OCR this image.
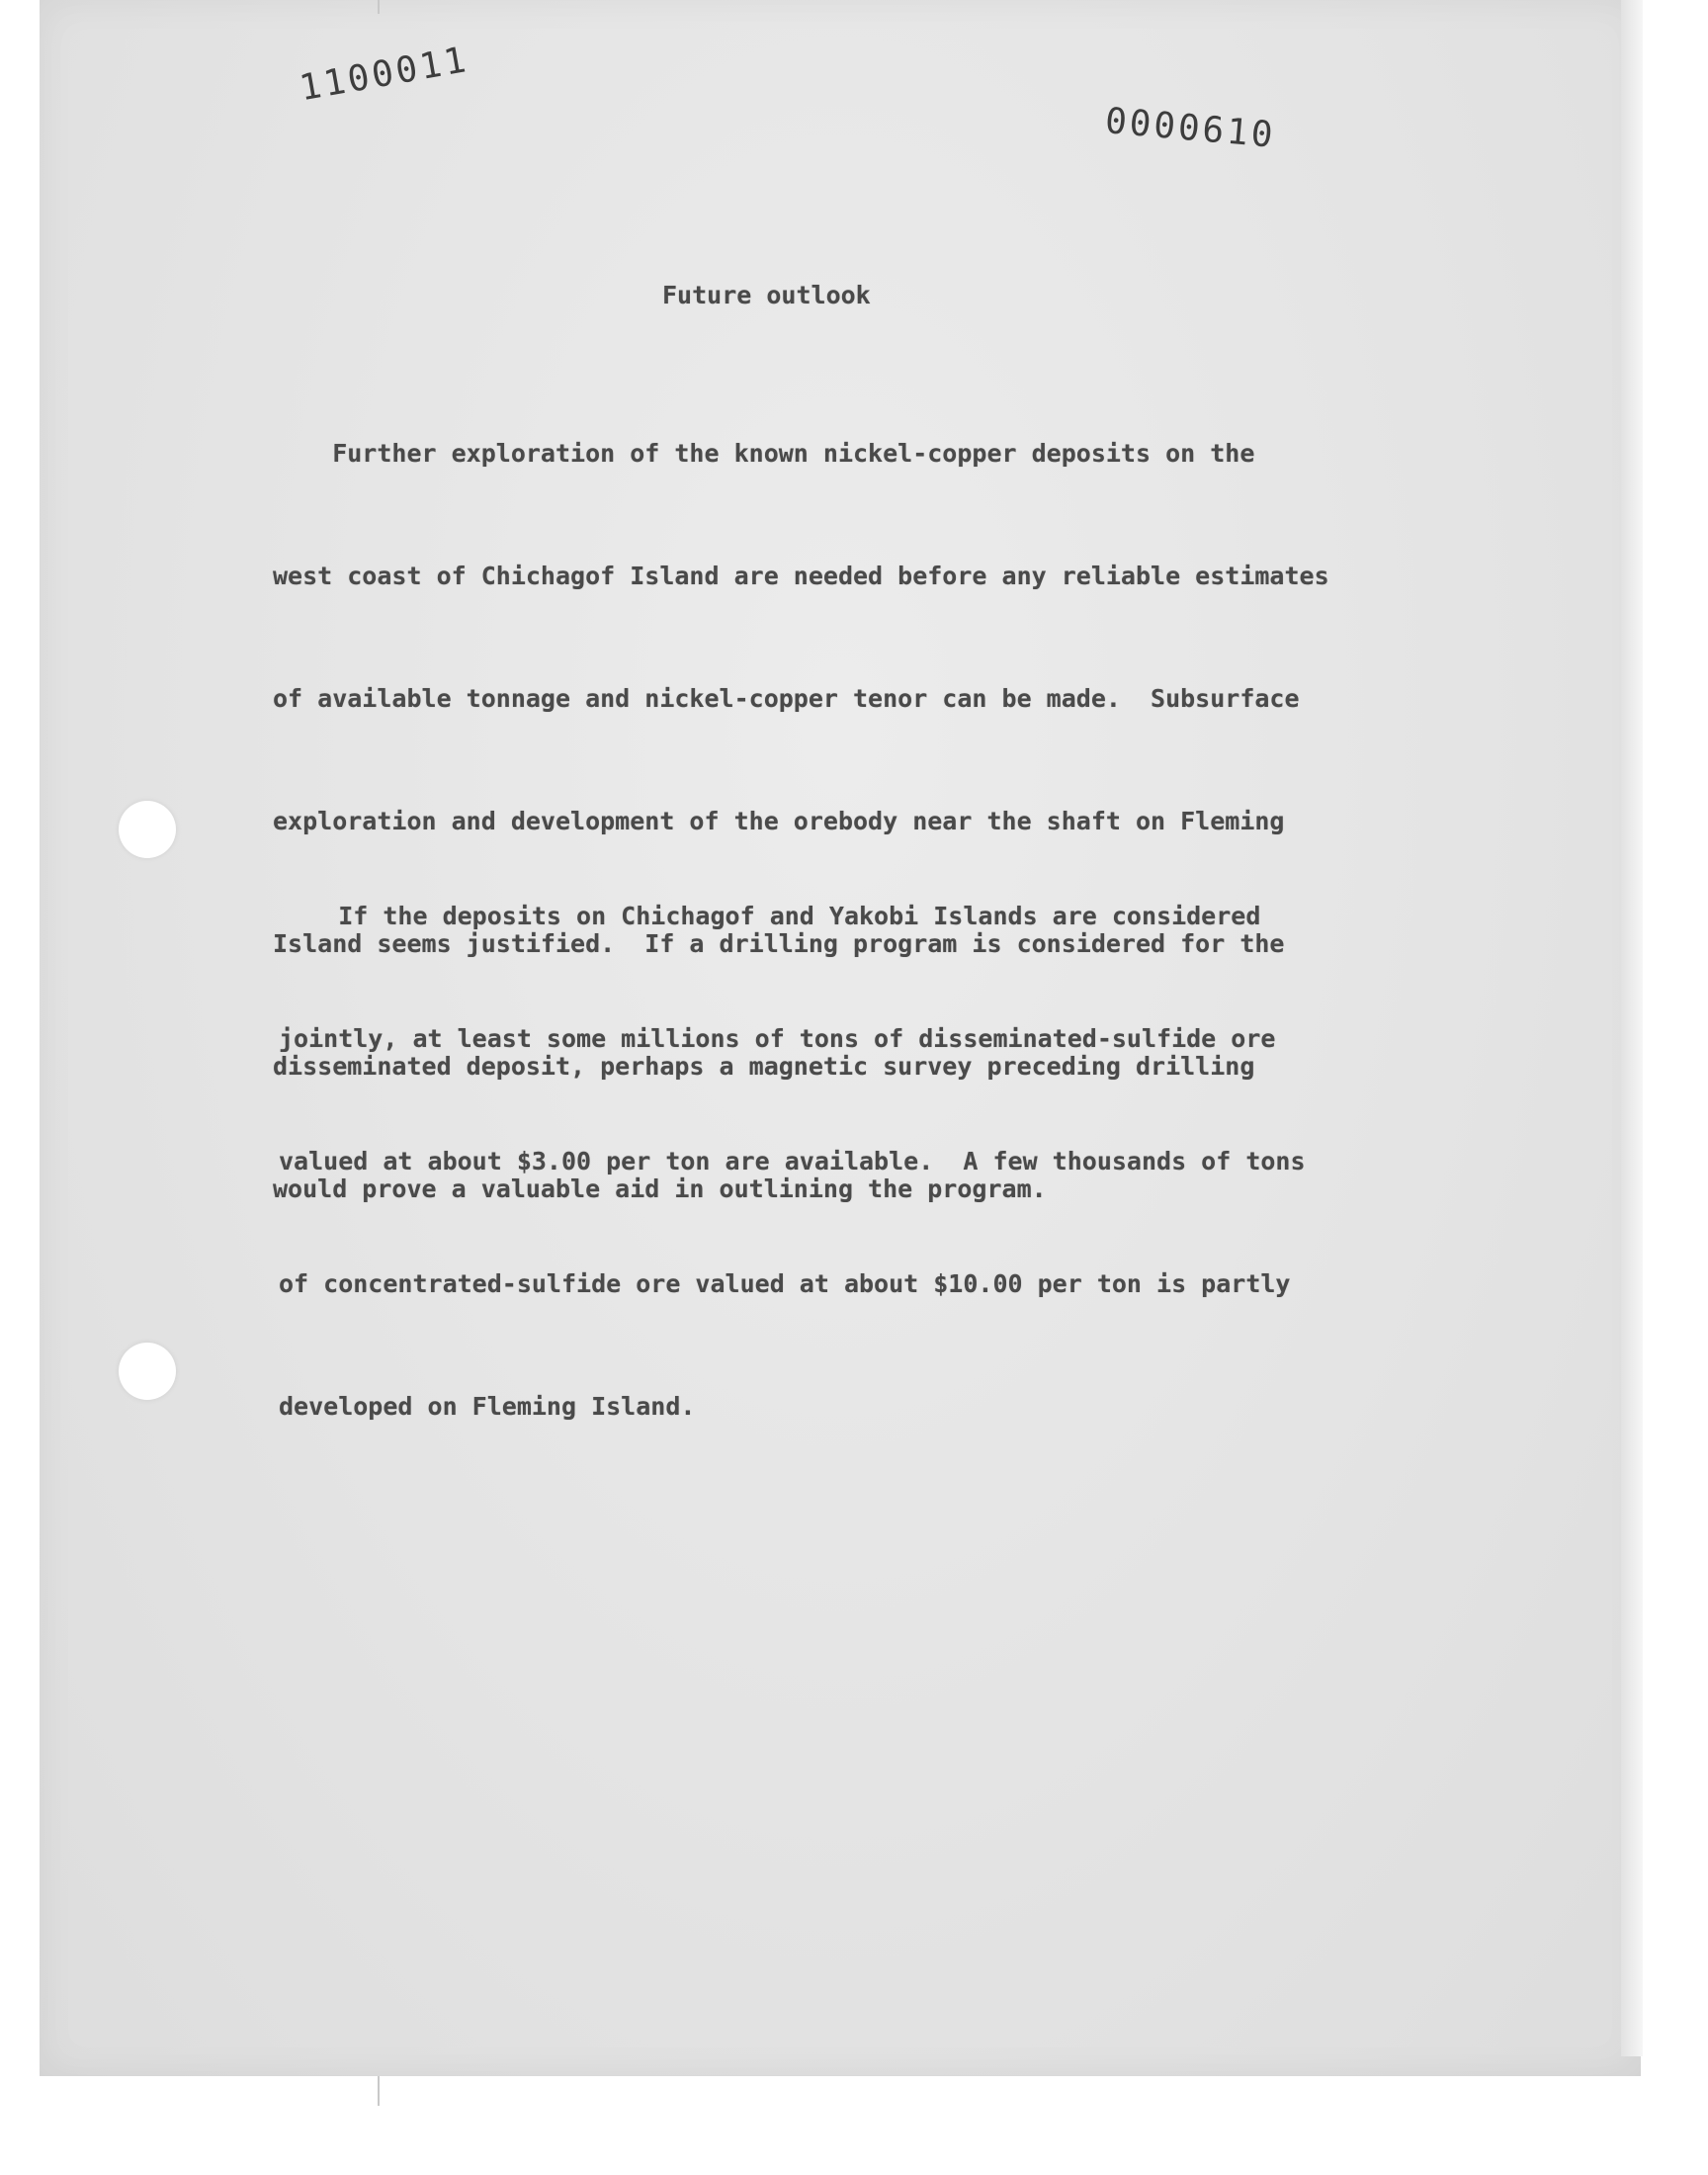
1100011
0000610
Future outlook

Further exploration of the known nickel-copper deposits on the

west coast of Chichagof Island are needed before any reliable estimates

of available tonnage and nickel-copper tenor can be made.  Subsurface

exploration and development of the orebody near the shaft on Fleming

Island seems justified.  If a drilling program is considered for the

disseminated deposit, perhaps a magnetic survey preceding drilling

would prove a valuable aid in outlining the program.

If the deposits on Chichagof and Yakobi Islands are considered

jointly, at least some millions of tons of disseminated-sulfide ore

valued at about $3.00 per ton are available.  A few thousands of tons

of concentrated-sulfide ore valued at about $10.00 per ton is partly

developed on Fleming Island.
